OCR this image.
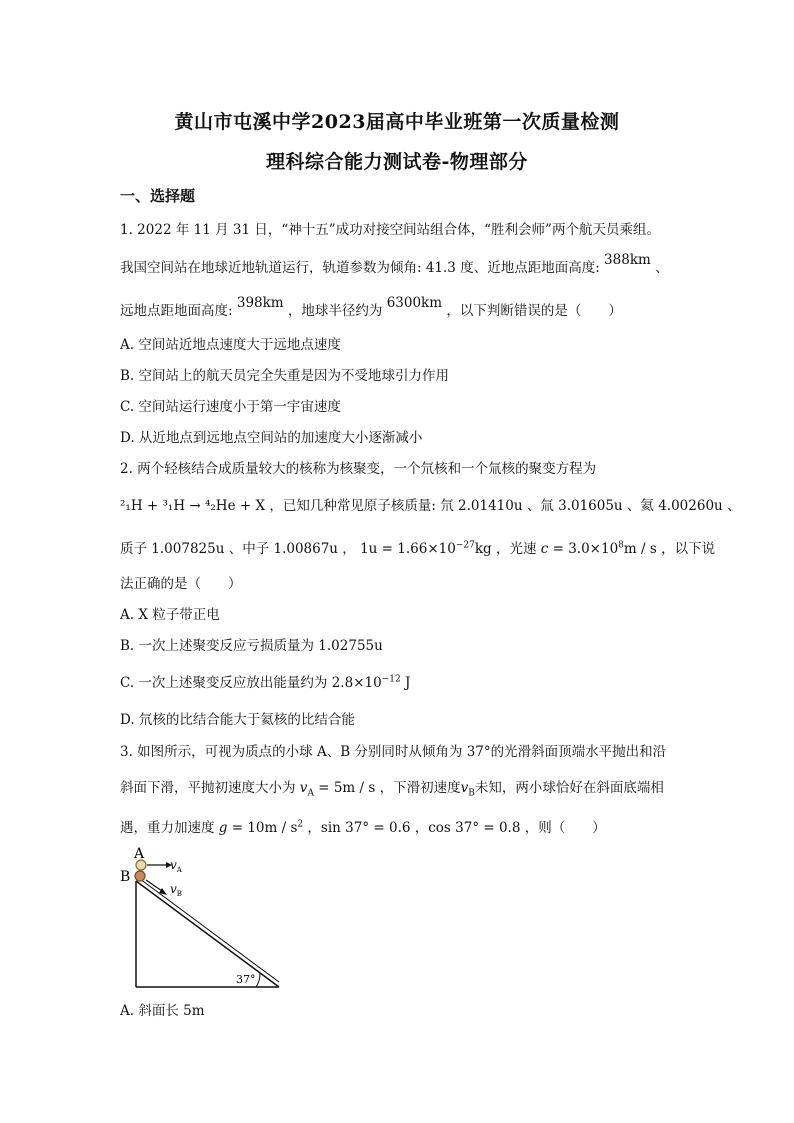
黄山市屯溪中学2023届高中毕业班第一次质量检测
理科综合能力测试卷-物理部分
一、选择题
1. 2022 年 11 月 31 日，“神十五”成功对接空间站组合体，“胜利会师”两个航天员乘组。
我国空间站在地球近地轨道运行，轨道参数为倾角: 41.3 度、近地点距地面高度: 388km 、
远地点距地面高度: 398km ，地球半径约为 6300km ，以下判断错误的是（　　）
A. 空间站近地点速度大于远地点速度
B. 空间站上的航天员完全失重是因为不受地球引力作用
C. 空间站运行速度小于第一宇宙速度
D. 从近地点到远地点空间站的加速度大小逐渐减小
2. 两个轻核结合成质量较大的核称为核聚变，一个氘核和一个氚核的聚变方程为
²₁H + ³₁H → ⁴₂He + X ，已知几种常见原子核质量: 氘 2.01410u 、氚 3.01605u 、氦 4.00260u 、
质子 1.007825u 、中子 1.00867u ， $1u = 1.66\times 10^{-27}kg$ ，光速 $c = 3.0\times 10^8m / s$ ，以下说
法正确的是（　　）
A. X 粒子带正电
B. 一次上述聚变反应亏损质量为 1.02755u
C. 一次上述聚变反应放出能量约为 $2.8\times 10^{-12}$ J
D. 氘核的比结合能大于氦核的比结合能
3. 如图所示，可视为质点的小球 A、B 分别同时从倾角为 37°的光滑斜面顶端水平抛出和沿
斜面下滑，平抛初速度大小为 $v_A = 5m / s$ ，下滑初速度$v_B$未知，两小球恰好在斜面底端相
遇，重力加速度 $g = 10m / s^2$ ，sin 37° = 0.6 ，cos 37° = 0.8 ，则（　　）
37°
A
B
$v_A$
$v_B$
A. 斜面长 5m
